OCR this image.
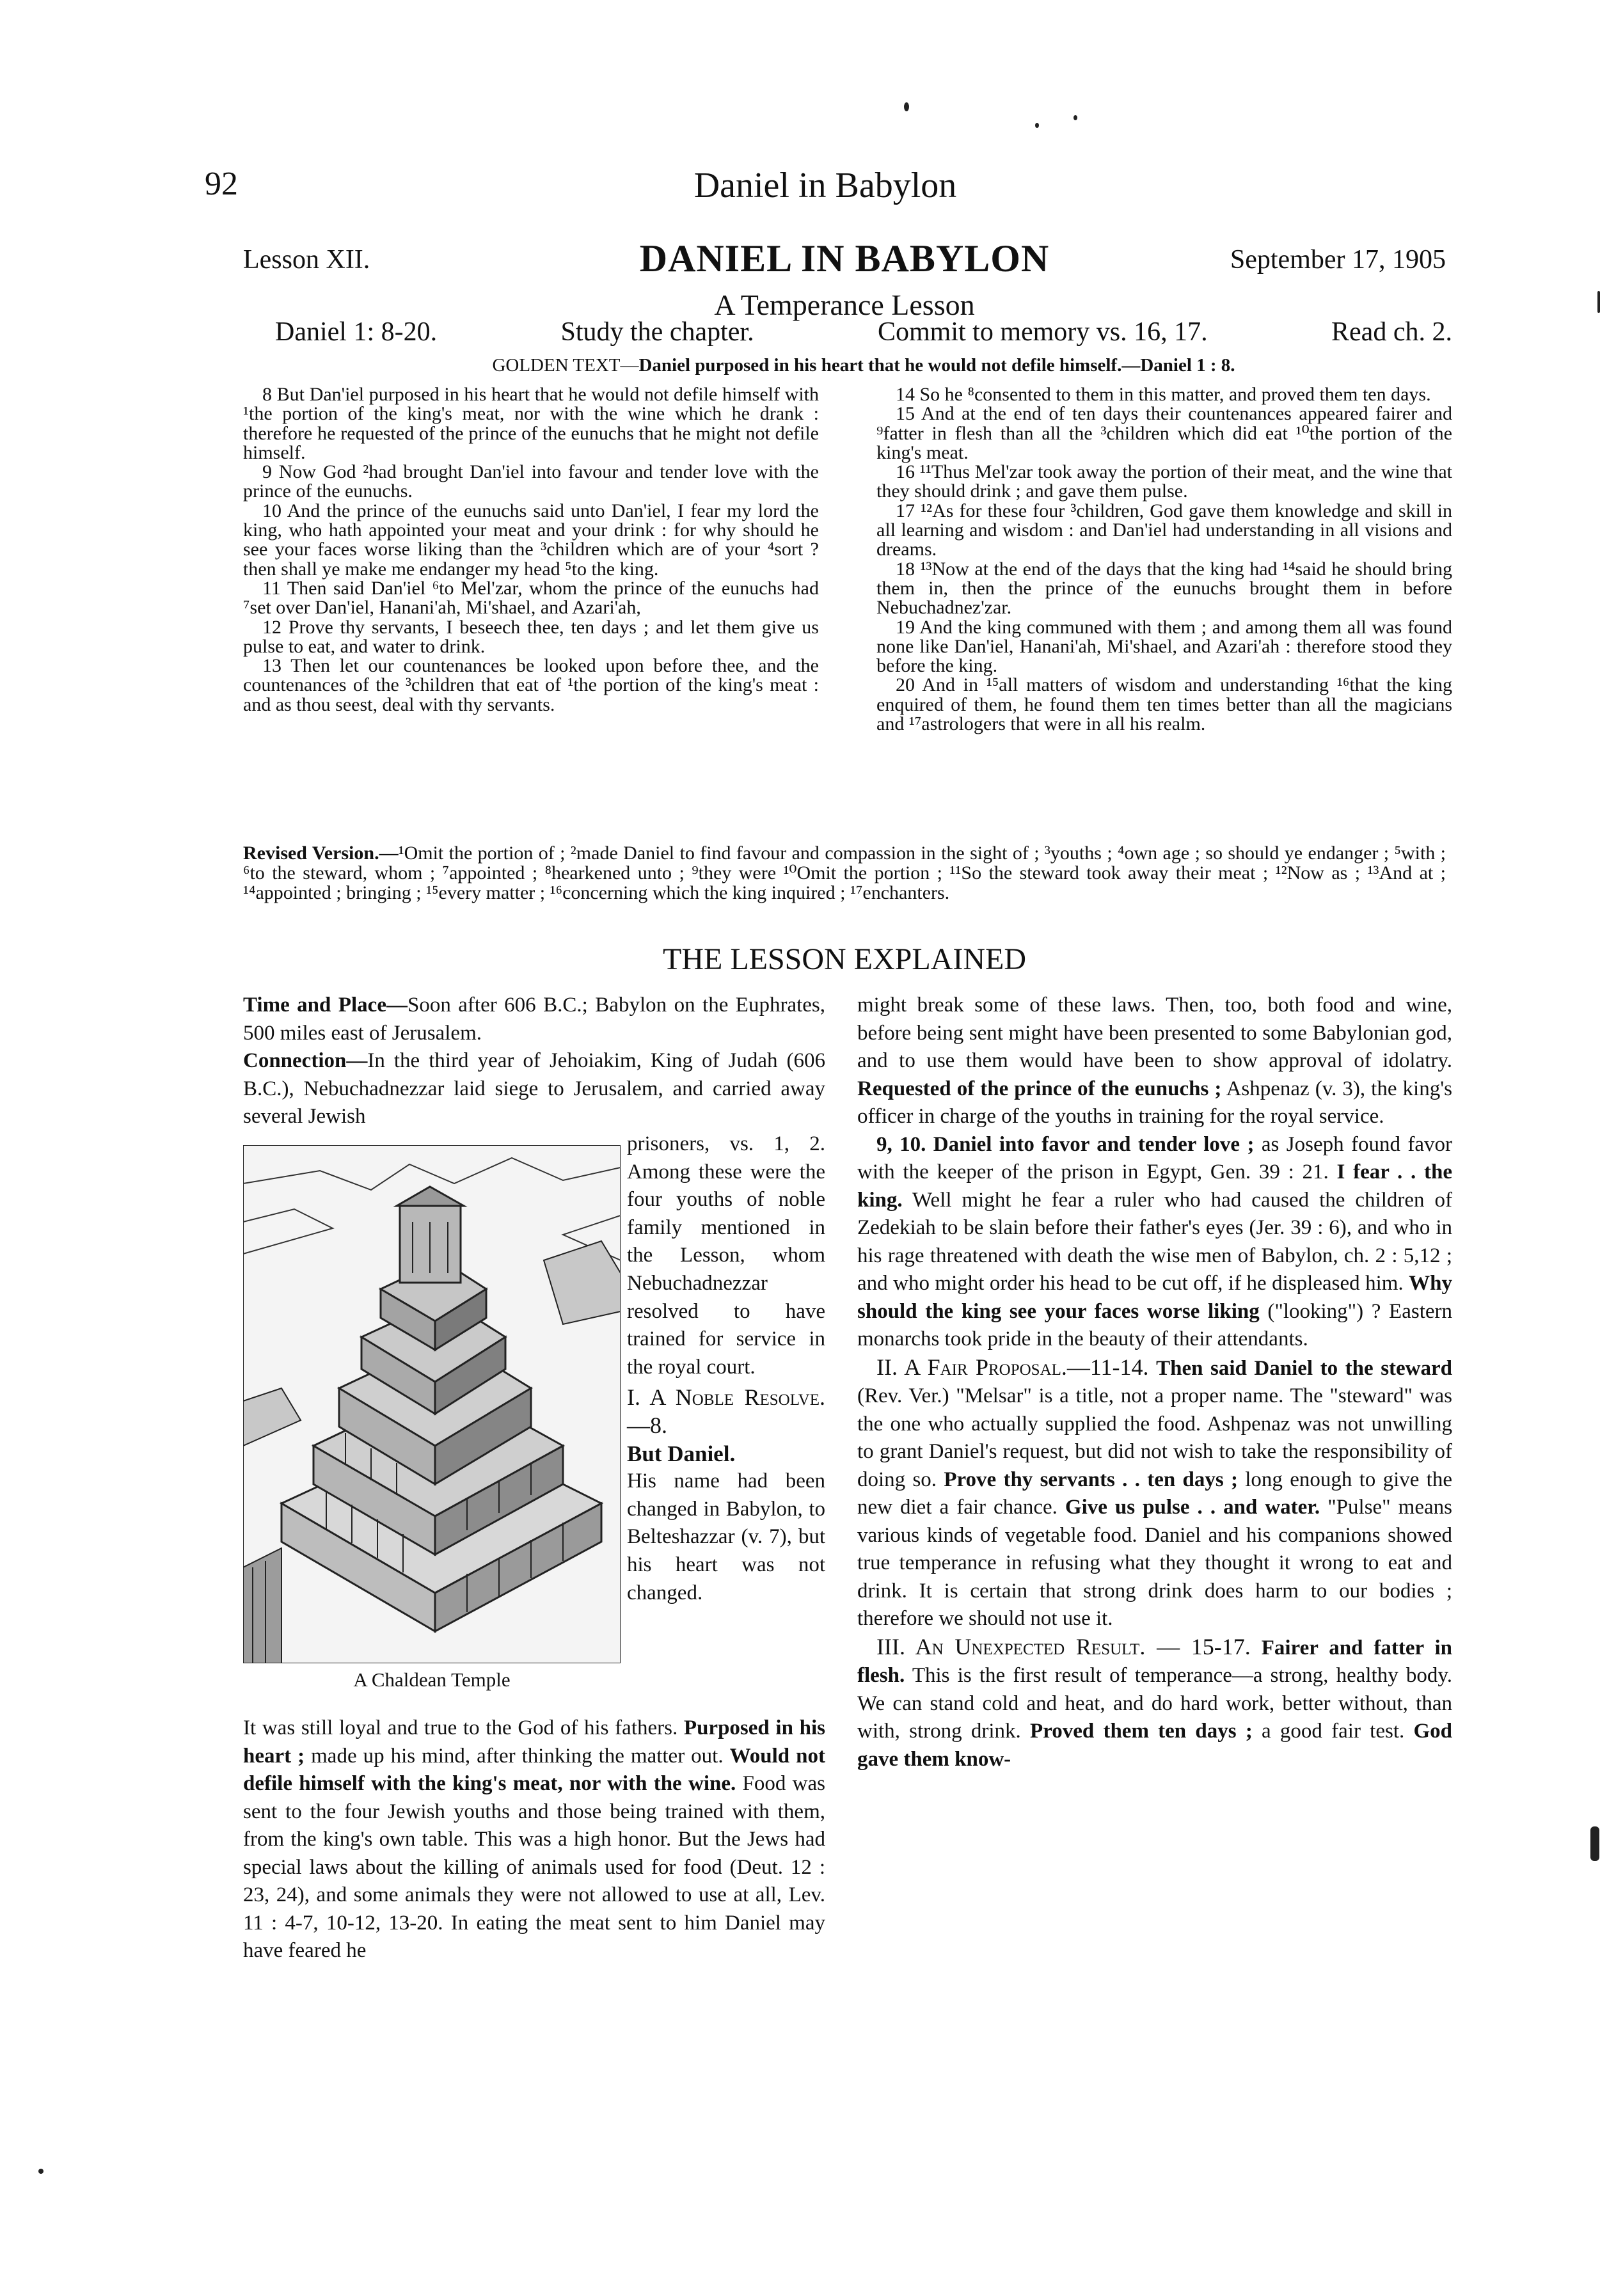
92	Daniel in Babylon
Lesson XII.	DANIEL IN BABYLON	September 17, 1905
A Temperance Lesson
Daniel 1: 8-20.	Study the chapter.	Commit to memory vs. 16, 17.	Read ch. 2.
GOLDEN TEXT—Daniel purposed in his heart that he would not defile himself.—Daniel 1 : 8.

8 But Dan'iel purposed in his heart that he would not defile himself with ¹the portion of the king's meat, nor with the wine which he drank : therefore he requested of the prince of the eunuchs that he might not defile himself.

9 Now God ²had brought Dan'iel into favour and tender love with the prince of the eunuchs.

10 And the prince of the eunuchs said unto Dan'iel, I fear my lord the king, who hath appointed your meat and your drink : for why should he see your faces worse liking than the ³children which are of your ⁴sort ? then shall ye make me endanger my head ⁵to the king.

11 Then said Dan'iel ⁶to Mel'zar, whom the prince of the eunuchs had ⁷set over Dan'iel, Hanani'ah, Mi'shael, and Azari'ah,

12 Prove thy servants, I beseech thee, ten days ; and let them give us pulse to eat, and water to drink.

13 Then let our countenances be looked upon before thee, and the countenances of the ³children that eat of ¹the portion of the king's meat : and as thou seest, deal with thy servants.

14 So he ⁸consented to them in this matter, and proved them ten days.

15 And at the end of ten days their countenances appeared fairer and ⁹fatter in flesh than all the ³children which did eat ¹⁰the portion of the king's meat.

16 ¹¹Thus Mel'zar took away the portion of their meat, and the wine that they should drink ; and gave them pulse.

17 ¹²As for these four ³children, God gave them knowledge and skill in all learning and wisdom : and Dan'iel had understanding in all visions and dreams.

18 ¹³Now at the end of the days that the king had ¹⁴said he should bring them in, then the prince of the eunuchs brought them in before Nebuchadnez'zar.

19 And the king communed with them ; and among them all was found none like Dan'iel, Hanani'ah, Mi'shael, and Azari'ah : therefore stood they before the king.

20 And in ¹⁵all matters of wisdom and understanding ¹⁶that the king enquired of them, he found them ten times better than all the magicians and ¹⁷astrologers that were in all his realm.

Revised Version.—¹Omit the portion of ; ²made Daniel to find favour and compassion in the sight of ; ³youths ; ⁴own age ; so should ye endanger ; ⁵with ; ⁶to the steward, whom ; ⁷appointed ; ⁸hearkened unto ; ⁹they were ¹⁰Omit the portion ; ¹¹So the steward took away their meat ; ¹²Now as ; ¹³And at ; ¹⁴appointed ; bringing ; ¹⁵every matter ; ¹⁶concerning which the king inquired ; ¹⁷enchanters.
THE LESSON EXPLAINED

Time and Place—Soon after 606 B.C.; Babylon on the Euphrates, 500 miles east of Jerusalem.

Connection—In the third year of Jehoiakim, King of Judah (606 B.C.), Nebuchadnezzar laid siege to Jerusalem, and carried away several Jewish

A Chaldean Temple
prisoners, vs. 1, 2. Among these were the four youths of noble family mentioned in the Lesson, whom Nebuchadnezzar resolved to have trained for service in the royal court.
I. A Noble Resolve. —8.
But Daniel.
His name had been changed in Babylon, to Belteshazzar (v. 7), but his heart was not changed.

It was still loyal and true to the God of his fathers. Purposed in his heart ; made up his mind, after thinking the matter out. Would not defile himself with the king's meat, nor with the wine. Food was sent to the four Jewish youths and those being trained with them, from the king's own table. This was a high honor. But the Jews had special laws about the killing of animals used for food (Deut. 12 : 23, 24), and some animals they were not allowed to use at all, Lev. 11 : 4-7, 10-12, 13-20. In eating the meat sent to him Daniel may have feared he

might break some of these laws. Then, too, both food and wine, before being sent might have been presented to some Babylonian god, and to use them would have been to show approval of idolatry. Requested of the prince of the eunuchs ; Ashpenaz (v. 3), the king's officer in charge of the youths in training for the royal service.

9, 10. Daniel into favor and tender love ; as Joseph found favor with the keeper of the prison in Egypt, Gen. 39 : 21. I fear . . the king. Well might he fear a ruler who had caused the children of Zedekiah to be slain before their father's eyes (Jer. 39 : 6), and who in his rage threatened with death the wise men of Babylon, ch. 2 : 5,12 ; and who might order his head to be cut off, if he displeased him. Why should the king see your faces worse liking ("looking") ? Eastern monarchs took pride in the beauty of their attendants.

II. A Fair Proposal.—11-14. Then said Daniel to the steward (Rev. Ver.) "Melsar" is a title, not a proper name. The "steward" was the one who actually supplied the food. Ashpenaz was not unwilling to grant Daniel's request, but did not wish to take the responsibility of doing so. Prove thy servants . . ten days ; long enough to give the new diet a fair chance. Give us pulse . . and water. "Pulse" means various kinds of vegetable food. Daniel and his companions showed true temperance in refusing what they thought it wrong to eat and drink. It is certain that strong drink does harm to our bodies ; therefore we should not use it.

III. An Unexpected Result. — 15-17. Fairer and fatter in flesh. This is the first result of temperance—a strong, healthy body. We can stand cold and heat, and do hard work, better without, than with, strong drink. Proved them ten days ; a good fair test. God gave them know-
